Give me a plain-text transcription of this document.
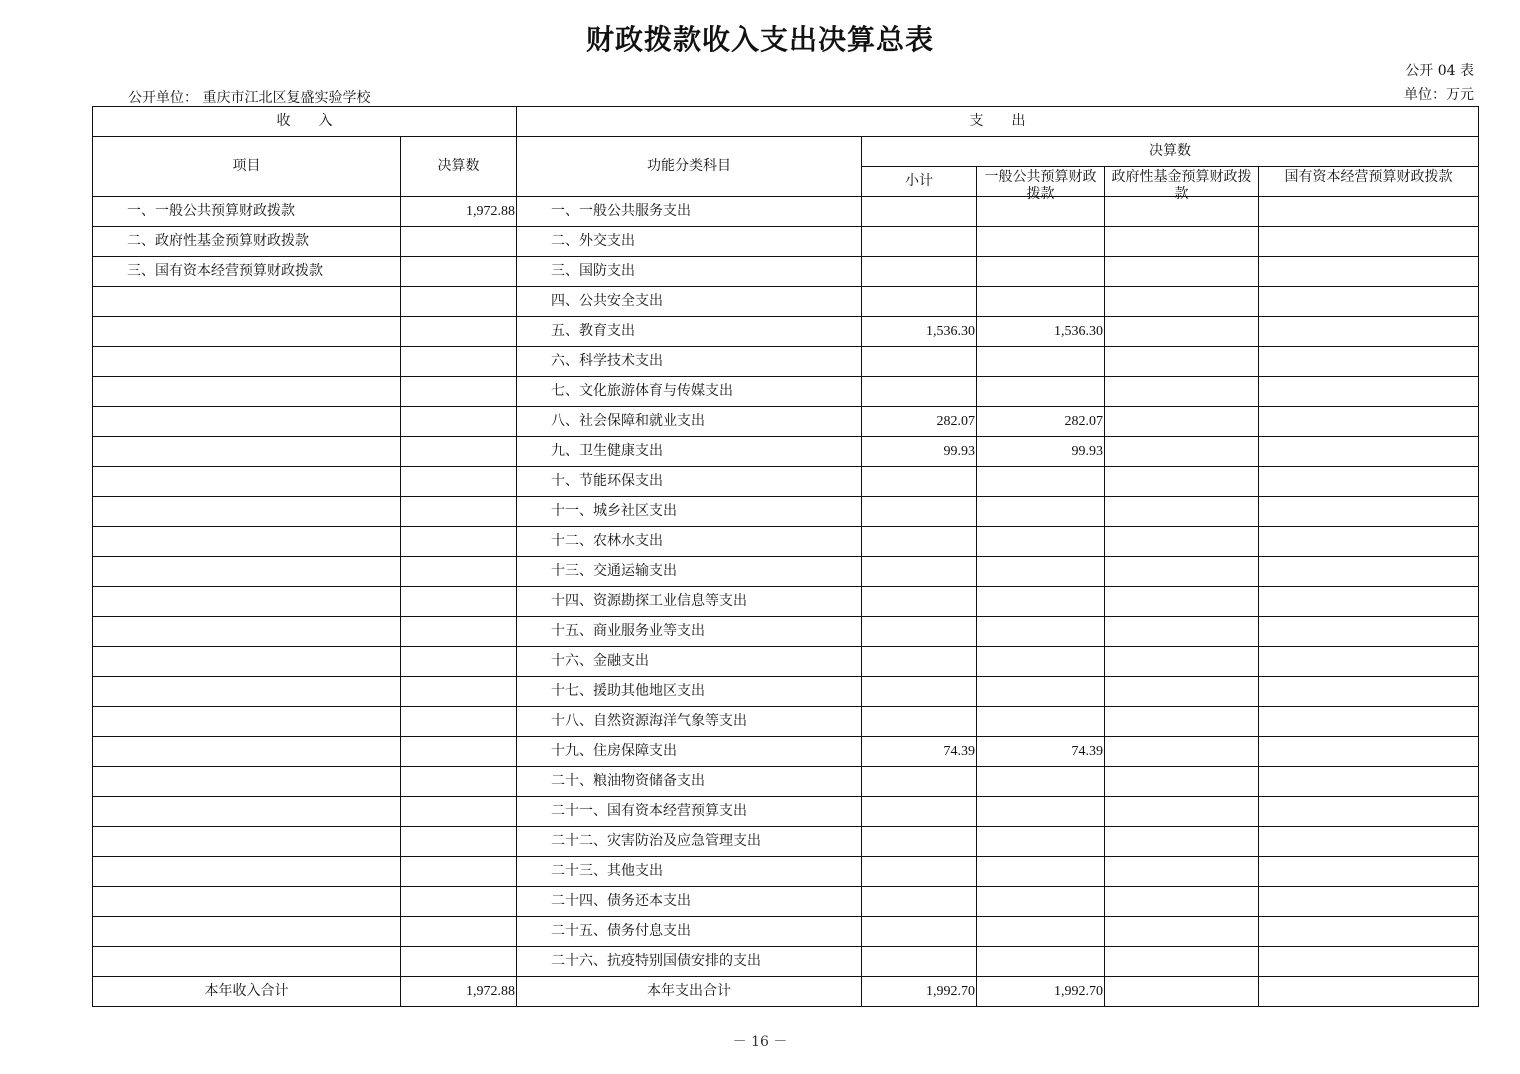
财政拨款收入支出决算总表
公开 04 表
公开单位： 重庆市江北区复盛实验学校	单位：万元
收　　入		支　　出				
项目	决算数	功能分类科目	决算数			
			小计	一般公共预算财政拨款	政府性基金预算财政拨款	国有资本经营预算财政拨款

一、一般公共预算财政拨款	1,972.88	一、一般公共服务支出				
二、政府性基金预算财政拨款		二、外交支出				
三、国有资本经营预算财政拨款		三、国防支出				
		四、公共安全支出				
		五、教育支出	1,536.30	1,536.30		
		六、科学技术支出				
		七、文化旅游体育与传媒支出				
		八、社会保障和就业支出	282.07	282.07		
		九、卫生健康支出	99.93	99.93		
		十、节能环保支出				
		十一、城乡社区支出				
		十二、农林水支出				
		十三、交通运输支出				
		十四、资源勘探工业信息等支出				
		十五、商业服务业等支出				
		十六、金融支出				
		十七、援助其他地区支出				
		十八、自然资源海洋气象等支出				
		十九、住房保障支出	74.39	74.39		
		二十、粮油物资储备支出				
		二十一、国有资本经营预算支出				
		二十二、灾害防治及应急管理支出				
		二十三、其他支出				
		二十四、债务还本支出				
		二十五、债务付息支出				
		二十六、抗疫特别国债安排的支出				
本年收入合计	1,972.88	本年支出合计	1,992.70	1,992.70		
－ 16 －
